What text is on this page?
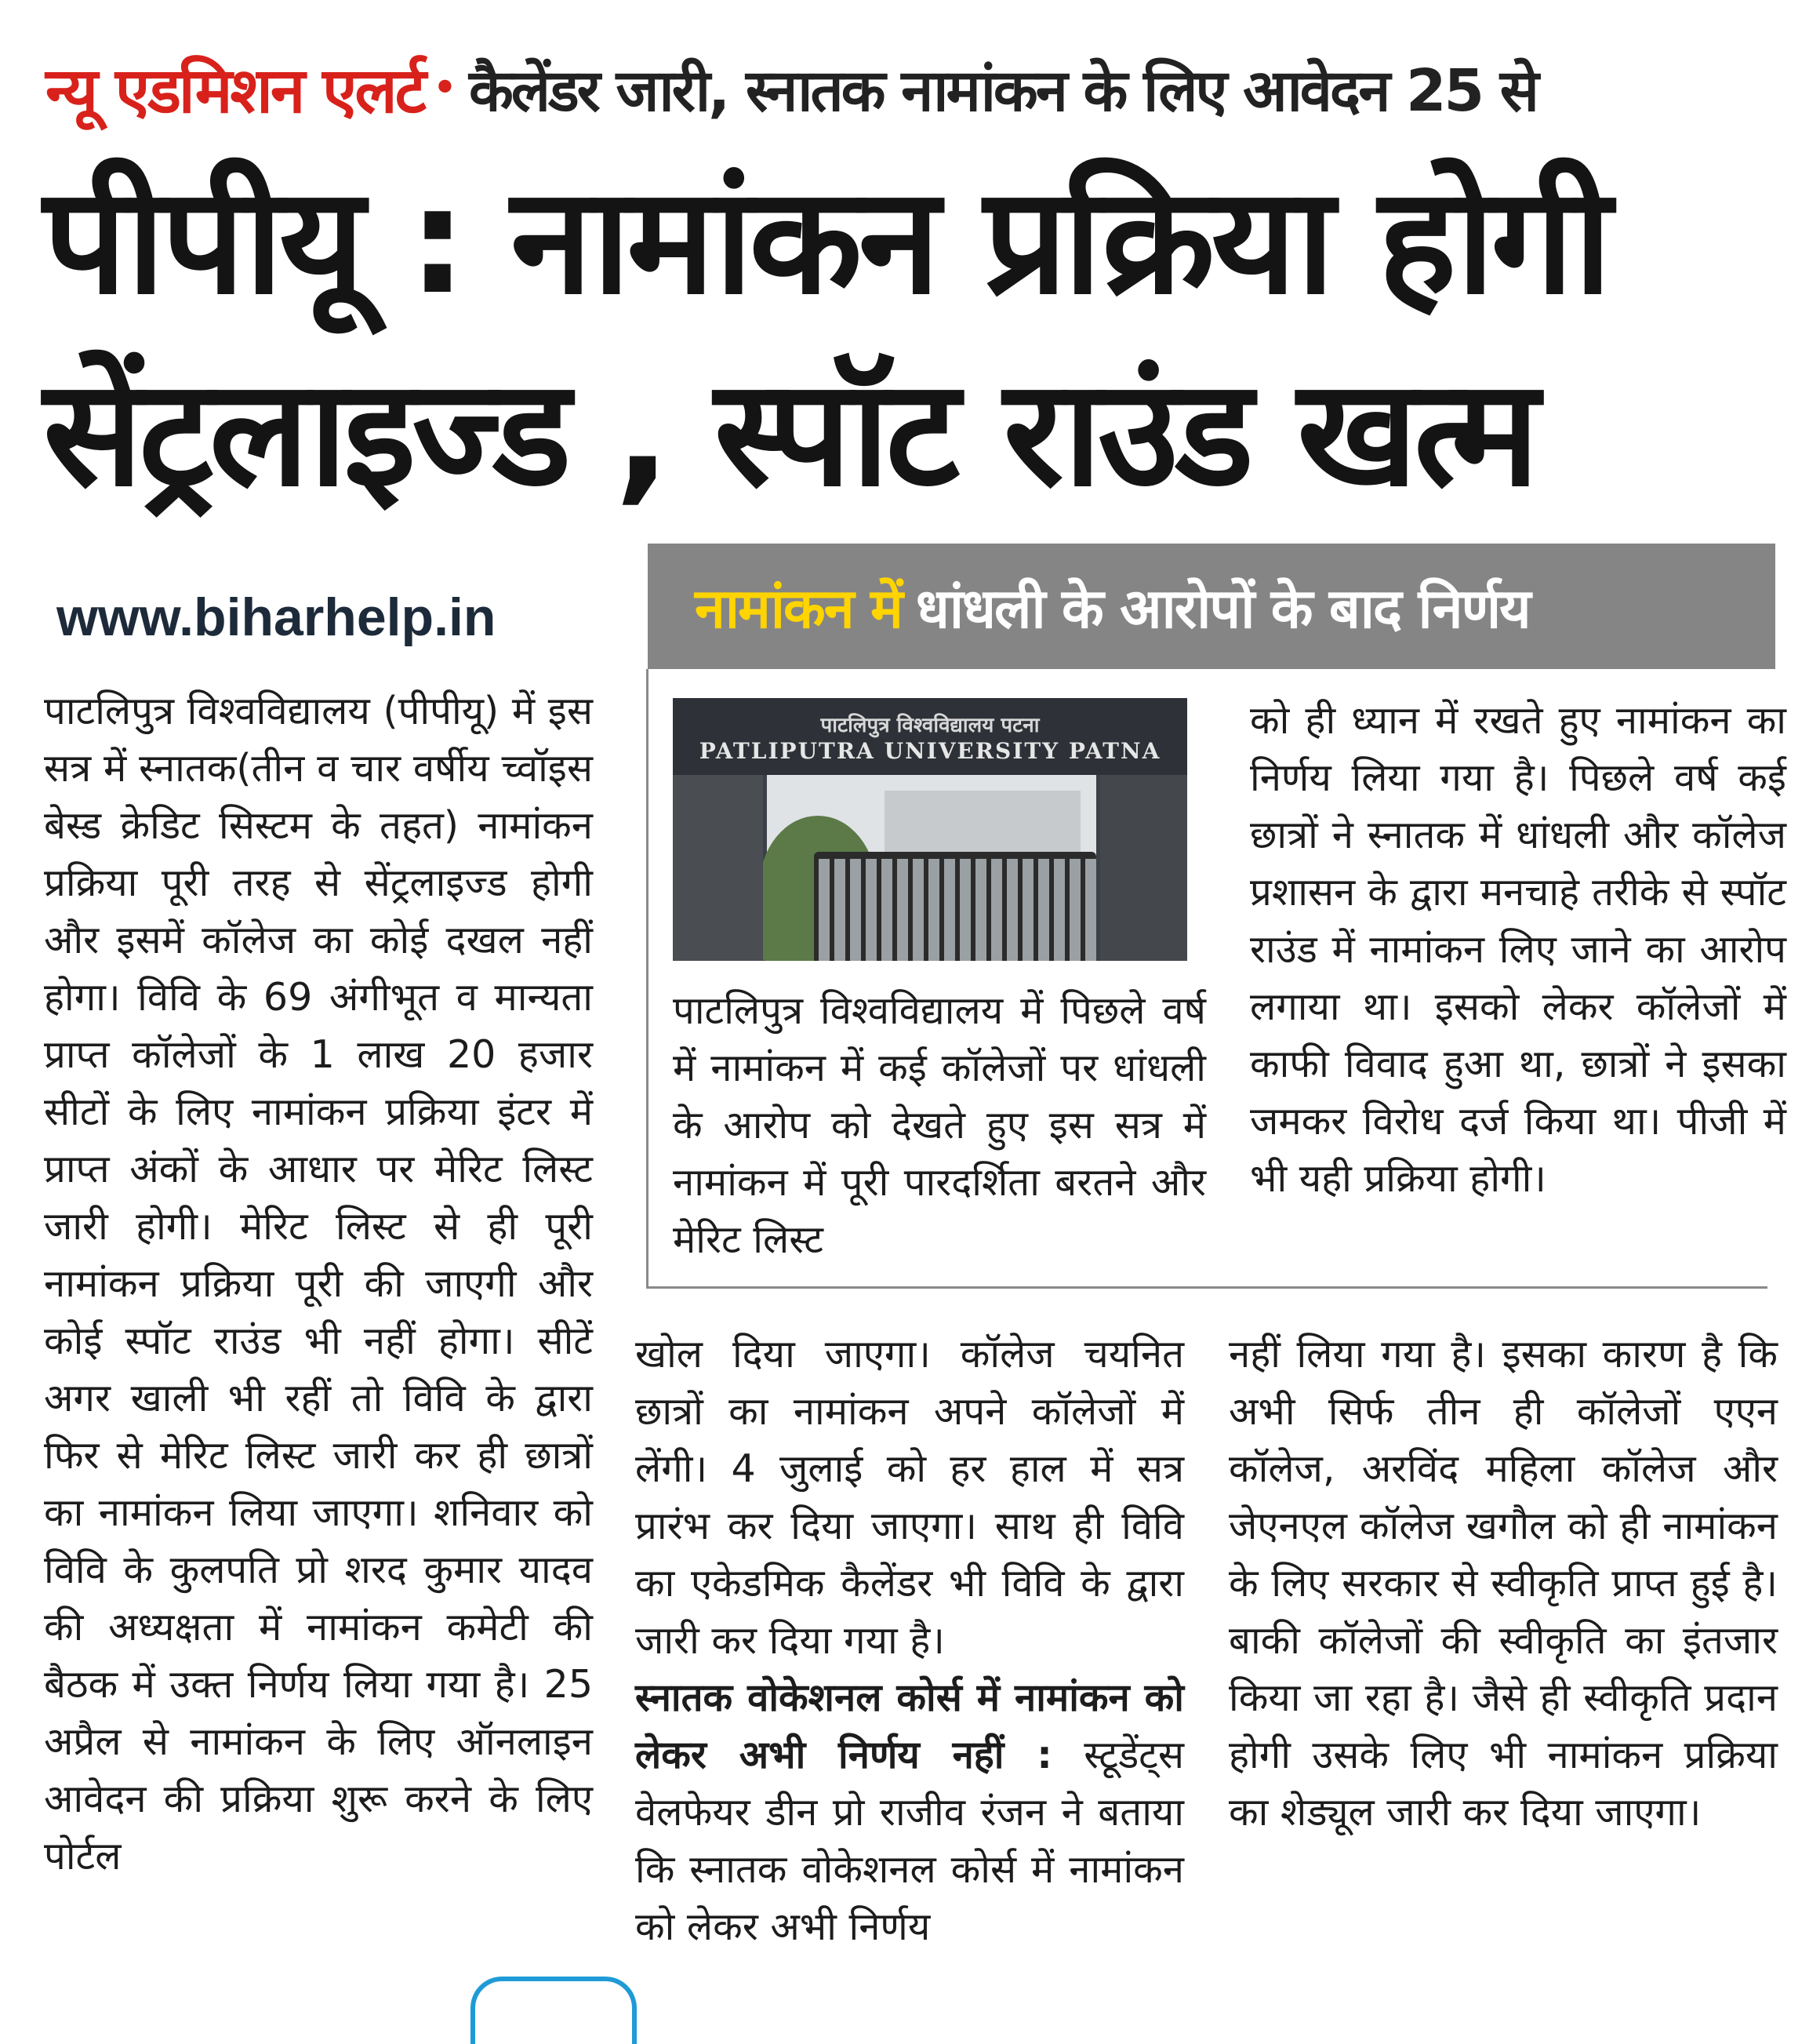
न्यू एडमिशन एलर्ट • कैलेंडर जारी, स्नातक नामांकन के लिए आवेदन 25 से
पीपीयू : नामांकन प्रक्रिया होगी
सेंट्रलाइज्ड , स्पॉट राउंड खत्म
www.biharhelp.in	नामांकन में धांधली के आरोपों के बाद निर्णय
पाटलिपुत्र विश्वविद्यालय पटना
PATLIPUTRA UNIVERSITY PATNA

पाटलिपुत्र विश्वविद्यालय (पीपीयू) में इस सत्र में स्नातक(तीन व चार वर्षीय च्वॉइस बेस्ड क्रेडिट सिस्टम के तहत) नामांकन प्रक्रिया पूरी तरह से सेंट्रलाइज्ड होगी और इसमें कॉलेज का कोई दखल नहीं होगा। विवि के 69 अंगीभूत व मान्यता प्राप्त कॉलेजों के 1 लाख 20 हजार सीटों के लिए नामांकन प्रक्रिया इंटर में प्राप्त अंकों के आधार पर मेरिट लिस्ट जारी होगी। मेरिट लिस्ट से ही पूरी नामांकन प्रक्रिया पूरी की जाएगी और कोई स्पॉट राउंड भी नहीं होगा। सीटें अगर खाली भी रहीं तो विवि के द्वारा फिर से मेरिट लिस्ट जारी कर ही छात्रों का नामांकन लिया जाएगा। शनिवार को विवि के कुलपति प्रो शरद कुमार यादव की अध्यक्षता में नामांकन कमेटी की बैठक में उक्त निर्णय लिया गया है। 25 अप्रैल से नामांकन के लिए ऑनलाइन आवेदन की प्रक्रिया शुरू करने के लिए पोर्टल

पाटलिपुत्र विश्वविद्यालय में पिछले वर्ष में नामांकन में कई कॉलेजों पर धांधली के आरोप को देखते हुए इस सत्र में नामांकन में पूरी पारदर्शिता बरतने और मेरिट लिस्ट

को ही ध्यान में रखते हुए नामांकन का निर्णय लिया गया है। पिछले वर्ष कई छात्रों ने स्नातक में धांधली और कॉलेज प्रशासन के द्वारा मनचाहे तरीके से स्पॉट राउंड में नामांकन लिए जाने का आरोप लगाया था। इसको लेकर कॉलेजों में काफी विवाद हुआ था, छात्रों ने इसका जमकर विरोध दर्ज किया था। पीजी में भी यही प्रक्रिया होगी।

खोल दिया जाएगा। कॉलेज चयनित छात्रों का नामांकन अपने कॉलेजों में लेंगी। 4 जुलाई को हर हाल में सत्र प्रारंभ कर दिया जाएगा। साथ ही विवि का एकेडमिक कैलेंडर भी विवि के द्वारा जारी कर दिया गया है।

स्नातक वोकेशनल कोर्स में नामांकन को लेकर अभी निर्णय नहीं : स्टूडेंट्स वेलफेयर डीन प्रो राजीव रंजन ने बताया कि स्नातक वोकेशनल कोर्स में नामांकन को लेकर अभी निर्णय

नहीं लिया गया है। इसका कारण है कि अभी सिर्फ तीन ही कॉलेजों एएन कॉलेज, अरविंद महिला कॉलेज और जेएनएल कॉलेज खगौल को ही नामांकन के लिए सरकार से स्वीकृति प्राप्त हुई है। बाकी कॉलेजों की स्वीकृति का इंतजार किया जा रहा है। जैसे ही स्वीकृति प्रदान होगी उसके लिए भी नामांकन प्रक्रिया का शेड्यूल जारी कर दिया जाएगा।
